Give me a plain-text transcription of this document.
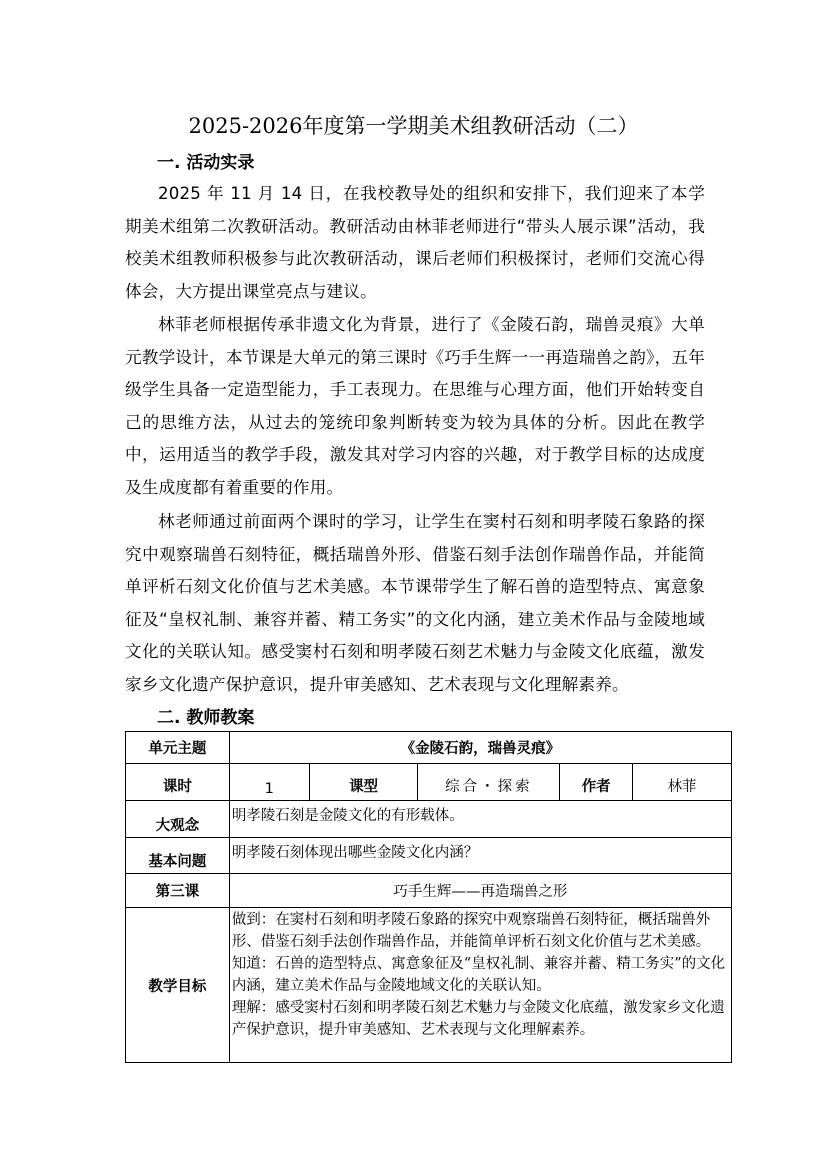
2025-2026年度第一学期美术组教研活动（二）
一. 活动实录
2025 年 11 月 14 日，在我校教导处的组织和安排下，我们迎来了本学期美术组第二次教研活动。教研活动由林菲老师进行“带头人展示课”活动，我校美术组教师积极参与此次教研活动，课后老师们积极探讨，老师们交流心得体会，大方提出课堂亮点与建议。
林菲老师根据传承非遗文化为背景，进行了《金陵石韵，瑞兽灵痕》大单元教学设计，本节课是大单元的第三课时《巧手生辉一一再造瑞兽之韵》，五年级学生具备一定造型能力，手工表现力。在思维与心理方面，他们开始转变自己的思维方法，从过去的笼统印象判断转变为较为具体的分析。因此在教学中，运用适当的教学手段，激发其对学习内容的兴趣，对于教学目标的达成度及生成度都有着重要的作用。
林老师通过前面两个课时的学习，让学生在窦村石刻和明孝陵石象路的探究中观察瑞兽石刻特征，概括瑞兽外形、借鉴石刻手法创作瑞兽作品，并能简单评析石刻文化价值与艺术美感。本节课带学生了解石兽的造型特点、寓意象征及“皇权礼制、兼容并蓄、精工务实”的文化内涵，建立美术作品与金陵地域文化的关联认知。感受窦村石刻和明孝陵石刻艺术魅力与金陵文化底蕴，激发家乡文化遗产保护意识，提升审美感知、艺术表现与文化理解素养。
二. 教师教案
单元主题	《金陵石韵，瑞兽灵痕》				
课时	1	课型	综合・探索	作者	林菲
大观念	明孝陵石刻是金陵文化的有形载体。				
基本问题	明孝陵石刻体现出哪些金陵文化内涵？				
第三课	巧手生辉——再造瑞兽之形				
教学目标	做到：在窦村石刻和明孝陵石象路的探究中观察瑞兽石刻特征，概括瑞兽外形、借鉴石刻手法创作瑞兽作品，并能简单评析石刻文化价值与艺术美感。
知道：石兽的造型特点、寓意象征及“皇权礼制、兼容并蓄、精工务实”的文化内涵，建立美术作品与金陵地域文化的关联认知。
理解：感受窦村石刻和明孝陵石刻艺术魅力与金陵文化底蕴，激发家乡文化遗产保护意识，提升审美感知、艺术表现与文化理解素养。				
